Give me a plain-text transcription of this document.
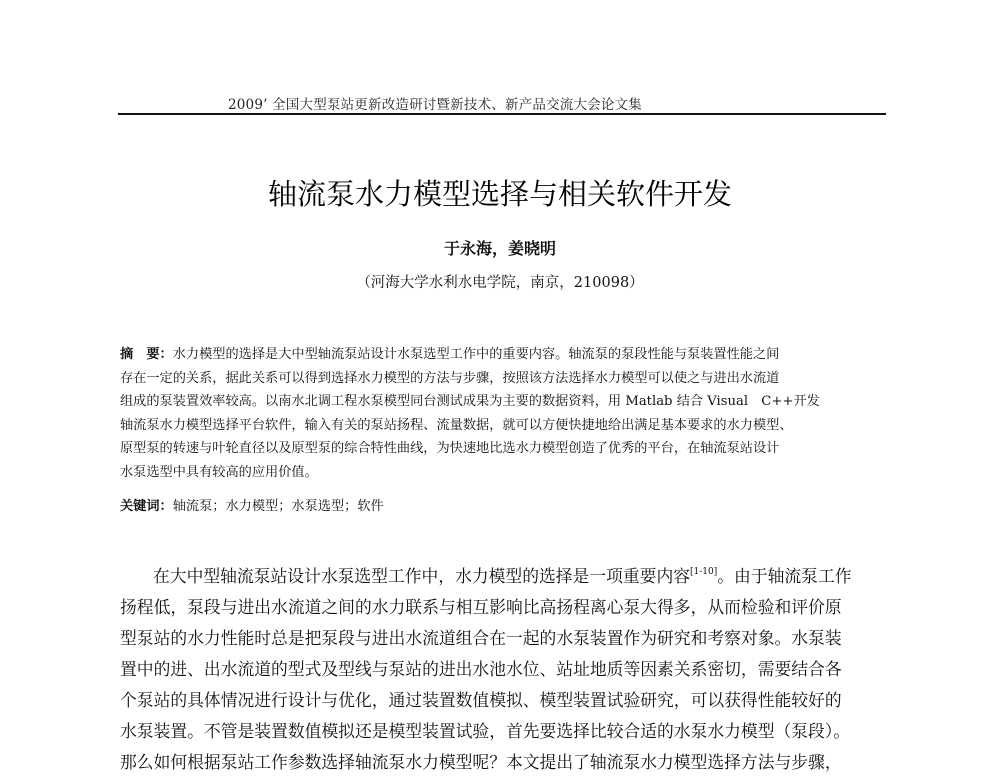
2009’ 全国大型泵站更新改造研讨暨新技术、新产品交流大会论文集
轴流泵水力模型选择与相关软件开发
于永海，姜晓明
（河海大学水利水电学院，南京，210098）
摘　要：水力模型的选择是大中型轴流泵站设计水泵选型工作中的重要内容。轴流泵的泵段性能与泵装置性能之间
存在一定的关系，据此关系可以得到选择水力模型的方法与步骤，按照该方法选择水力模型可以使之与进出水流道
组成的泵装置效率较高。以南水北调工程水泵模型同台测试成果为主要的数据资料，用 Matlab 结合 Visual　C++开发
轴流泵水力模型选择平台软件，输入有关的泵站扬程、流量数据，就可以方便快捷地给出满足基本要求的水力模型、
原型泵的转速与叶轮直径以及原型泵的综合特性曲线，为快速地比选水力模型创造了优秀的平台，在轴流泵站设计
水泵选型中具有较高的应用价值。
关键词：轴流泵；水力模型；水泵选型；软件
在大中型轴流泵站设计水泵选型工作中，水力模型的选择是一项重要内容[1-10]。由于轴流泵工作
扬程低，泵段与进出水流道之间的水力联系与相互影响比高扬程离心泵大得多，从而检验和评价原
型泵站的水力性能时总是把泵段与进出水流道组合在一起的水泵装置作为研究和考察对象。水泵装
置中的进、出水流道的型式及型线与泵站的进出水池水位、站址地质等因素关系密切，需要结合各
个泵站的具体情况进行设计与优化，通过装置数值模拟、模型装置试验研究，可以获得性能较好的
水泵装置。不管是装置数值模拟还是模型装置试验，首先要选择比较合适的水泵水力模型（泵段）。
那么如何根据泵站工作参数选择轴流泵水力模型呢？本文提出了轴流泵水力模型选择方法与步骤，
